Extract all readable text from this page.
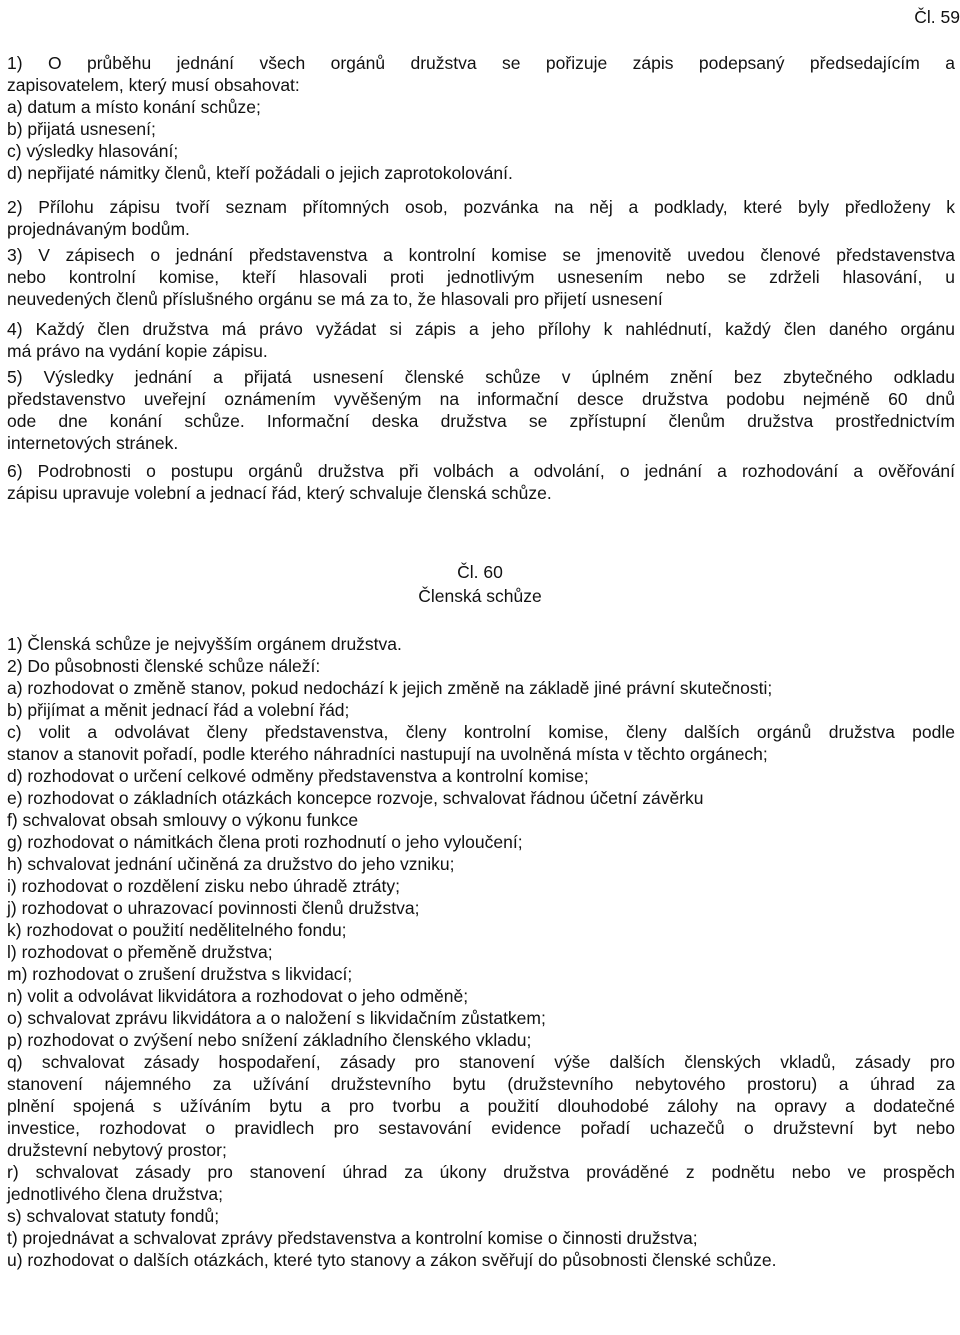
Čl. 59
1) O průběhu jednání všech orgánů družstva se pořizuje zápis podepsaný předsedajícím a
zapisovatelem, který musí obsahovat:
a) datum a místo konání schůze;
b) přijatá usnesení;
c) výsledky hlasování;
d) nepřijaté námitky členů, kteří požádali o jejich zaprotokolování.
2) Přílohu zápisu tvoří seznam přítomných osob, pozvánka na něj a podklady, které byly předloženy k
projednávaným bodům.
3) V zápisech o jednání představenstva a kontrolní komise se jmenovitě uvedou členové představenstva
nebo kontrolní komise, kteří hlasovali proti jednotlivým usnesením nebo se zdrželi hlasování, u
neuvedených členů příslušného orgánu se má za to, že hlasovali pro přijetí usnesení
4) Každý člen družstva má právo vyžádat si zápis a jeho přílohy k nahlédnutí, každý člen daného orgánu
má právo na vydání kopie zápisu.
5) Výsledky jednání a přijatá usnesení členské schůze v úplném znění bez zbytečného odkladu
představenstvo uveřejní oznámením vyvěšeným na informační desce družstva podobu nejméně 60 dnů
ode dne konání schůze. Informační deska družstva se zpřístupní členům družstva prostřednictvím
internetových stránek.
6) Podrobnosti o postupu orgánů družstva při volbách a odvolání, o jednání a rozhodování a ověřování
zápisu upravuje volební a jednací řád, který schvaluje členská schůze.
Čl. 60
Členská schůze
1) Členská schůze je nejvyšším orgánem družstva.
2) Do působnosti členské schůze náleží:
a) rozhodovat o změně stanov, pokud nedochází k jejich změně na základě jiné právní skutečnosti;
b) přijímat a měnit jednací řád a volební řád;
c) volit a odvolávat členy představenstva, členy kontrolní komise, členy dalších orgánů družstva podle
stanov a stanovit pořadí, podle kterého náhradníci nastupují na uvolněná místa v těchto orgánech;
d) rozhodovat o určení celkové odměny představenstva a kontrolní komise;
e) rozhodovat o základních otázkách koncepce rozvoje, schvalovat řádnou účetní závěrku
f) schvalovat obsah smlouvy o výkonu funkce
g) rozhodovat o námitkách člena proti rozhodnutí o jeho vyloučení;
h) schvalovat jednání učiněná za družstvo do jeho vzniku;
i) rozhodovat o rozdělení zisku nebo úhradě ztráty;
j) rozhodovat o uhrazovací povinnosti členů družstva;
k) rozhodovat o použití nedělitelného fondu;
l) rozhodovat o přeměně družstva;
m) rozhodovat o zrušení družstva s likvidací;
n) volit a odvolávat likvidátora a rozhodovat o jeho odměně;
o) schvalovat zprávu likvidátora a o naložení s likvidačním zůstatkem;
p) rozhodovat o zvýšení nebo snížení základního členského vkladu;
q) schvalovat zásady hospodaření, zásady pro stanovení výše dalších členských vkladů, zásady pro
stanovení nájemného za užívání družstevního bytu (družstevního nebytového prostoru) a úhrad za
plnění spojená s užíváním bytu a pro tvorbu a použití dlouhodobé zálohy na opravy a dodatečné
investice, rozhodovat o pravidlech pro sestavování evidence pořadí uchazečů o družstevní byt nebo
družstevní nebytový prostor;
r) schvalovat zásady pro stanovení úhrad za úkony družstva prováděné z podnětu nebo ve prospěch
jednotlivého člena družstva;
s) schvalovat statuty fondů;
t) projednávat a schvalovat zprávy představenstva a kontrolní komise o činnosti družstva;
u) rozhodovat o dalších otázkách, které tyto stanovy a zákon svěřují do působnosti členské schůze.
